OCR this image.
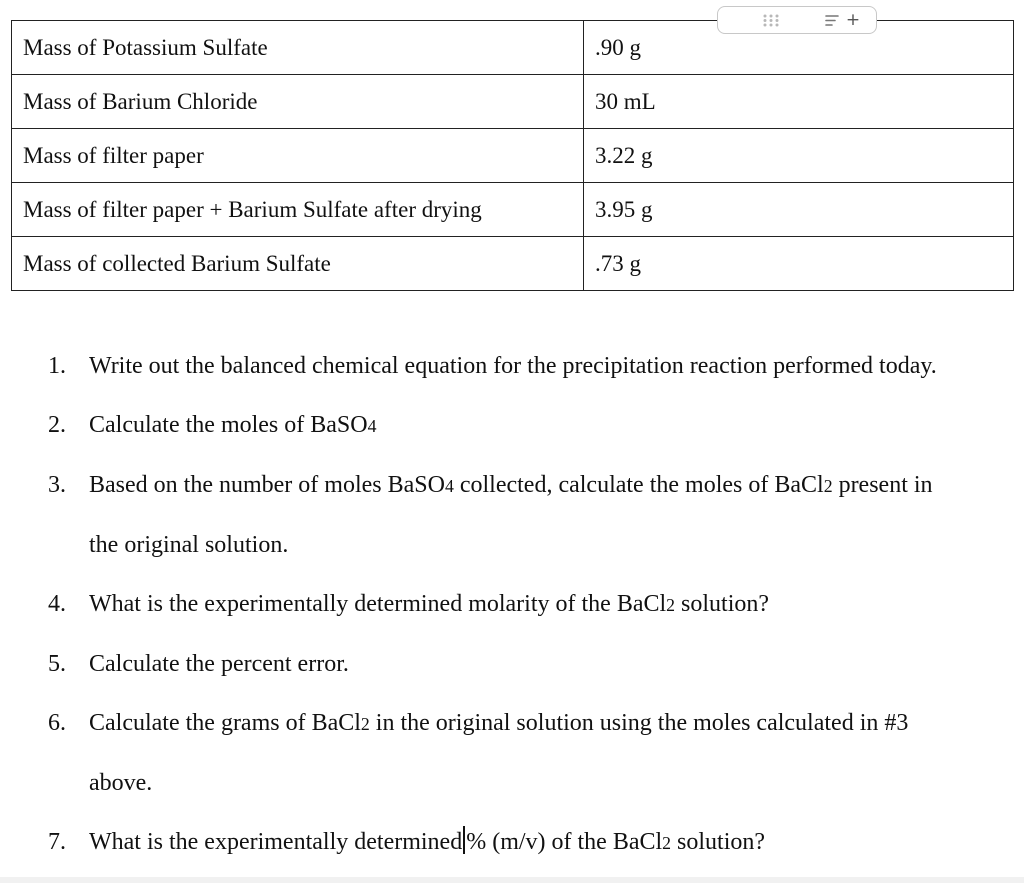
+
Mass of Potassium Sulfate	.90 g
Mass of Barium Chloride	30 mL
Mass of filter paper	3.22 g
Mass of filter paper + Barium Sulfate after drying	3.95 g
Mass of collected Barium Sulfate	.73 g
1. Write out the balanced chemical equation for the precipitation reaction performed today.
2. Calculate the moles of BaSO4
3. Based on the number of moles BaSO4 collected, calculate the moles of BaCl2 present in
the original solution.
4. What is the experimentally determined molarity of the BaCl2 solution?
5. Calculate the percent error.
6. Calculate the grams of BaCl2 in the original solution using the moles calculated in #3
above.
7. What is the experimentally determined % (m/v) of the BaCl2 solution?
